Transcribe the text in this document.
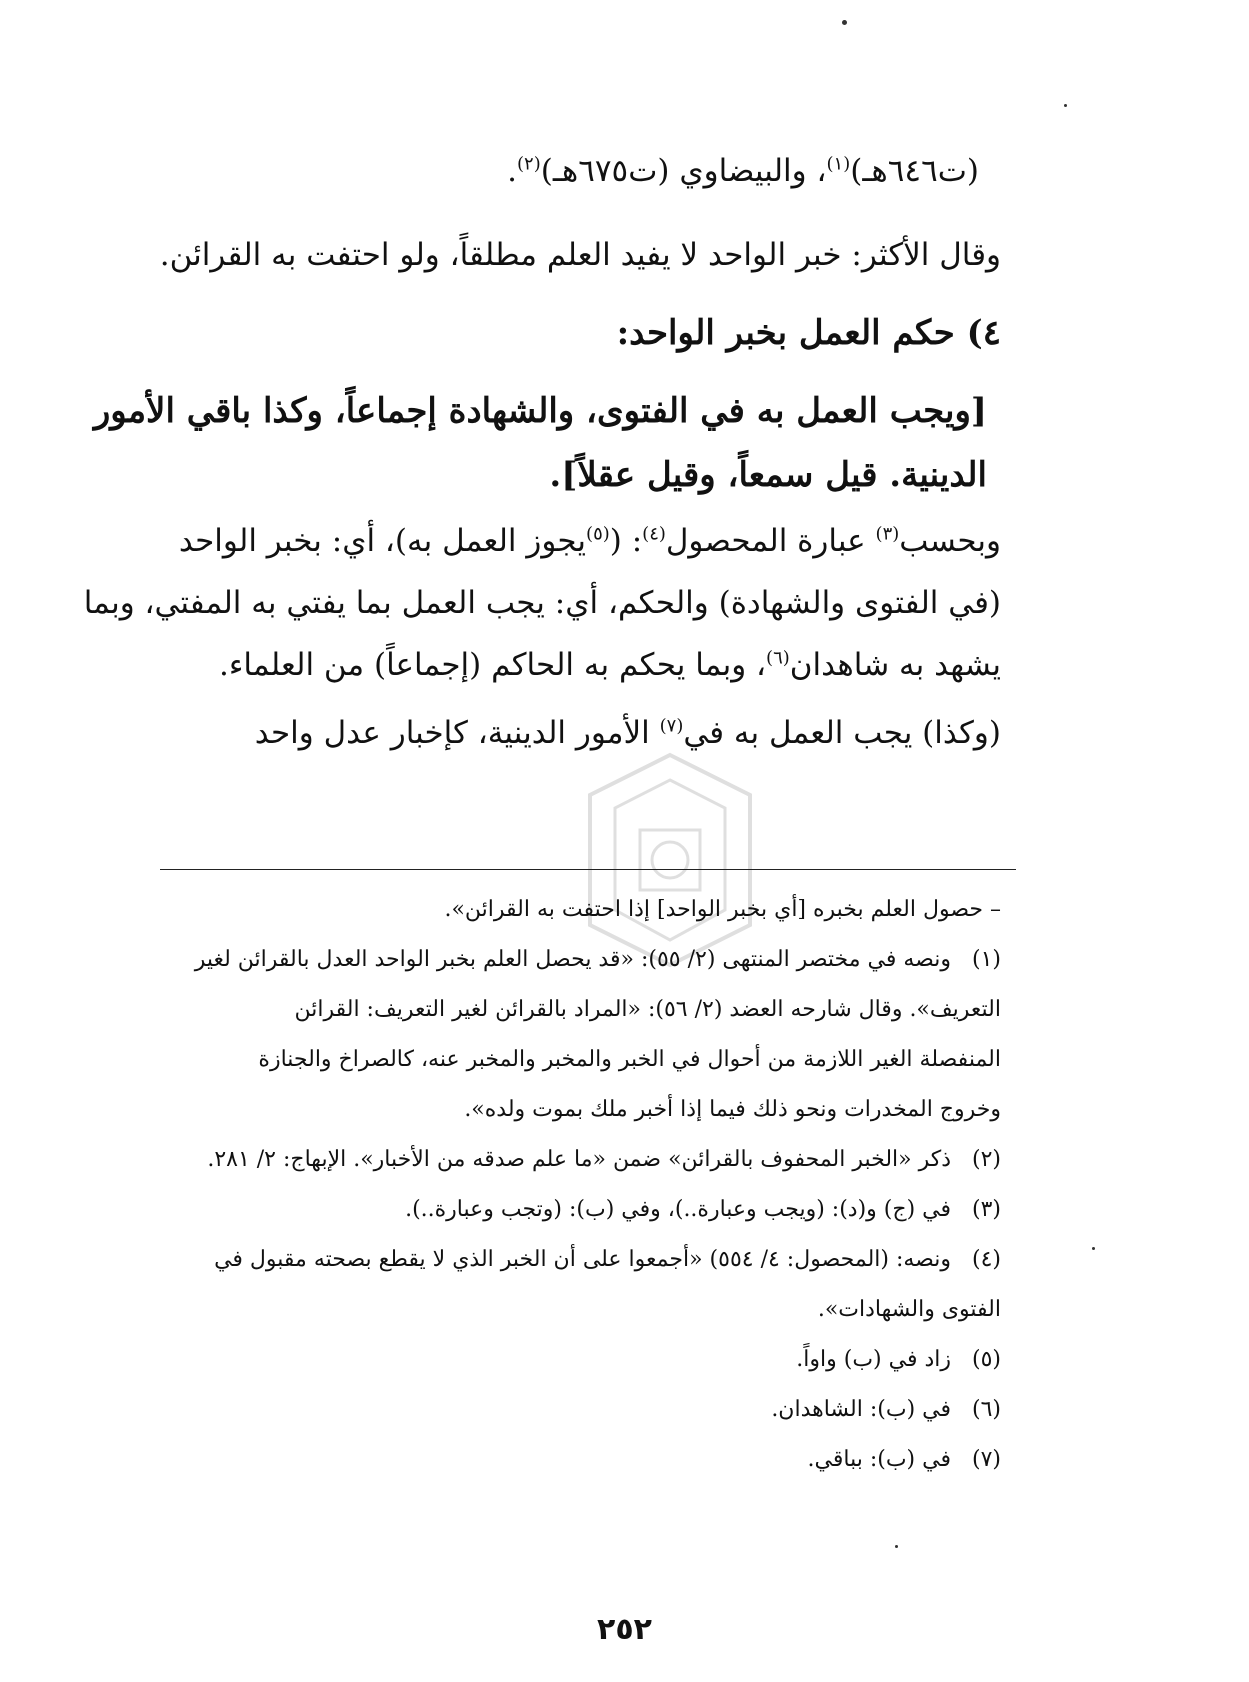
(ت٦٤٦هـ)$^{(١)}$، والبيضاوي (ت٦٧٥هـ)$^{(٢)}$.

وقال الأكثر: خبر الواحد لا يفيد العلم مطلقاً، ولو احتفت به القرائن.

٤) حكم العمل بخبر الواحد:

[ويجب العمل به في الفتوى، والشهادة إجماعاً، وكذا باقي الأمور

الدينية. قيل سمعاً، وقيل عقلاً].

وبحسب$^{(٣)}$ عبارة المحصول$^{(٤)}$: ($^{(٥)}$يجوز العمل به)، أي: بخبر الواحد

(في الفتوى والشهادة) والحكم، أي: يجب العمل بما يفتي به المفتي، وبما

يشهد به شاهدان$^{(٦)}$، وبما يحكم به الحاكم (إجماعاً) من العلماء.

(وكذا) يجب العمل به في$^{(٧)}$ الأمور الدينية، كإخبار عدل واحد

– حصول العلم بخبره [أي بخبر الواحد] إذا احتفت به القرائن».

(١)ونصه في مختصر المنتهى (٢/ ٥٥): «قد يحصل العلم بخبر الواحد العدل بالقرائن لغير

التعريف». وقال شارحه العضد (٢/ ٥٦): «المراد بالقرائن لغير التعريف: القرائن

المنفصلة الغير اللازمة من أحوال في الخبر والمخبر والمخبر عنه، كالصراخ والجنازة

وخروج المخدرات ونحو ذلك فيما إذا أخبر ملك بموت ولده».

(٢)ذكر «الخبر المحفوف بالقرائن» ضمن «ما علم صدقه من الأخبار». الإبهاج: ٢/ ٢٨١.

(٣)في (ج) و(د): (ويجب وعبارة..)، وفي (ب): (وتجب وعبارة..).

(٤)ونصه: (المحصول: ٤/ ٥٥٤) «أجمعوا على أن الخبر الذي لا يقطع بصحته مقبول في

الفتوى والشهادات».

(٥)زاد في (ب) واواً.

(٦)في (ب): الشاهدان.

(٧)في (ب): بباقي.

٢٥٢
